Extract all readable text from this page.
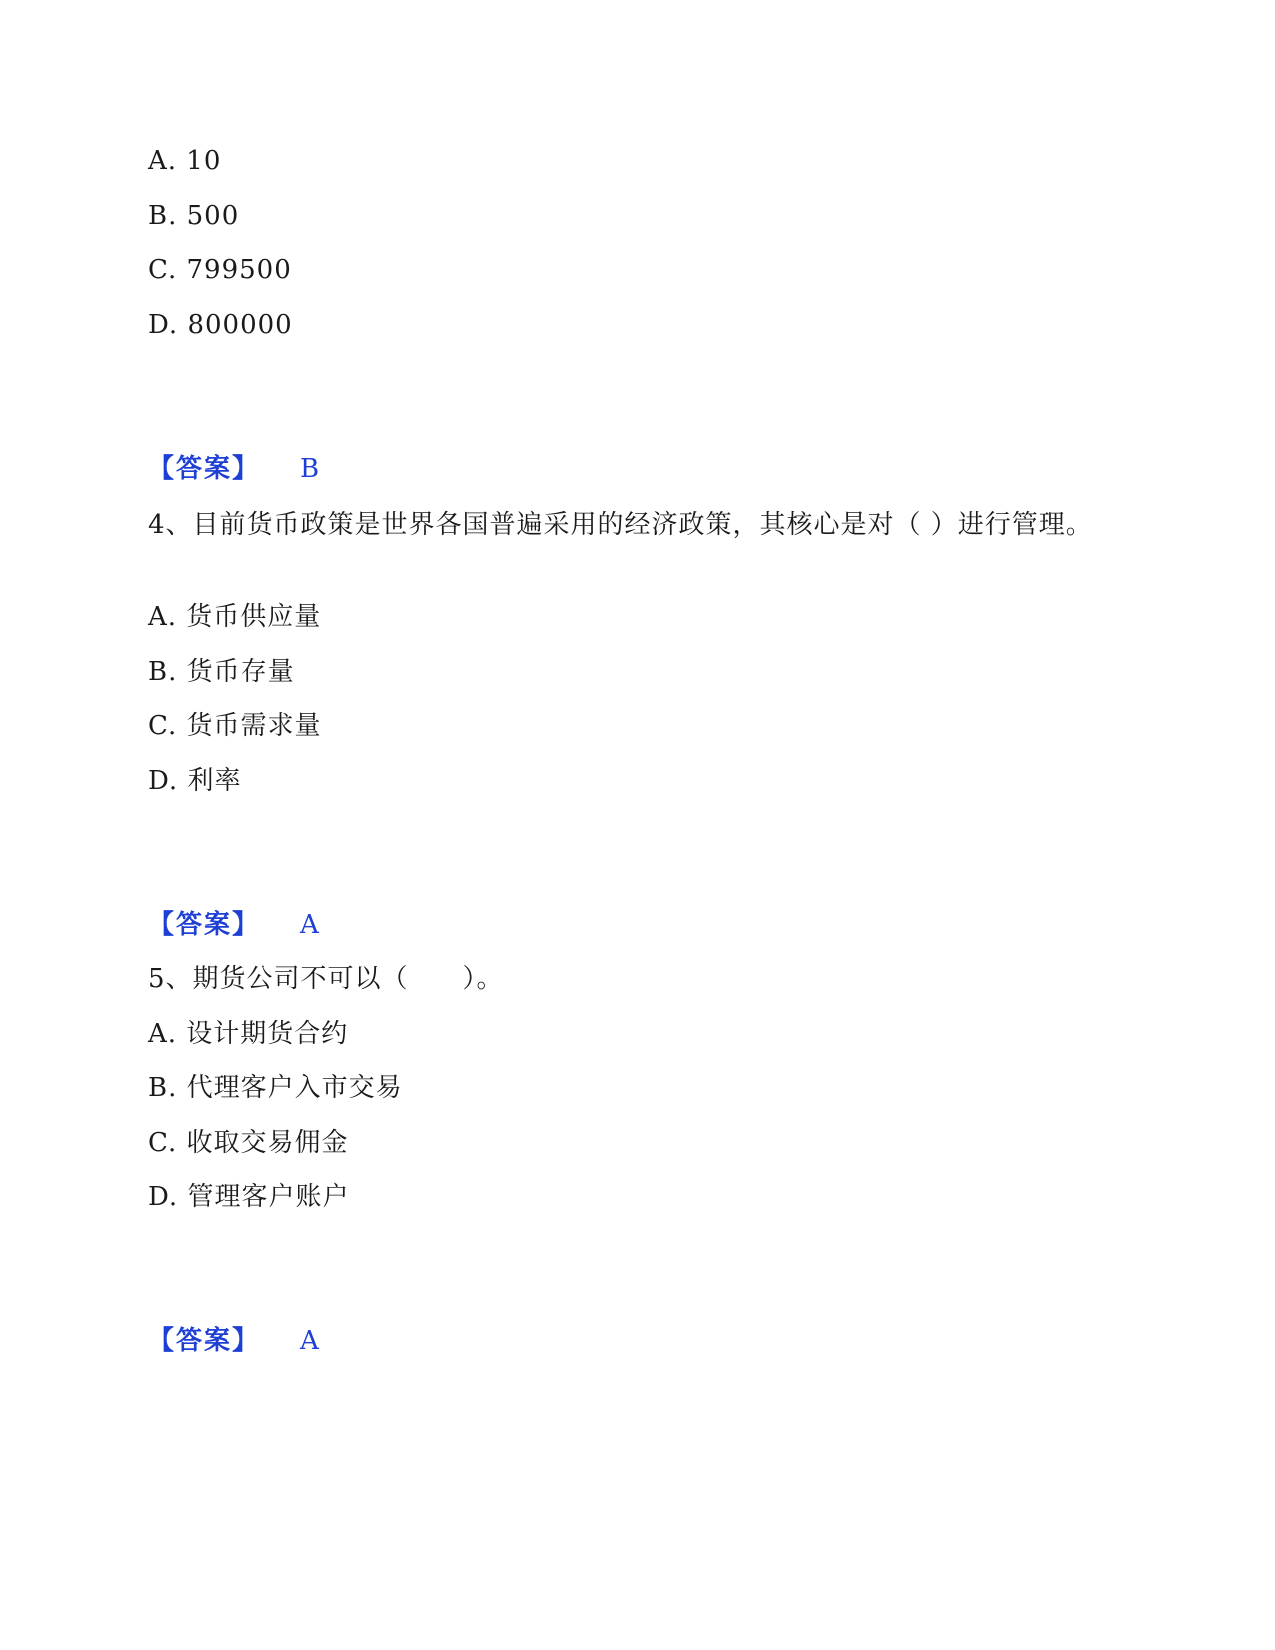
A. 10
B. 500
C. 799500
D. 800000
【答案】 B
4、目前货币政策是世界各国普遍采用的经济政策，其核心是对（ ）进行管理。
A. 货币供应量
B. 货币存量
C. 货币需求量
D. 利率
【答案】 A
5、期货公司不可以（　　）。
A. 设计期货合约
B. 代理客户入市交易
C. 收取交易佣金
D. 管理客户账户
【答案】 A
